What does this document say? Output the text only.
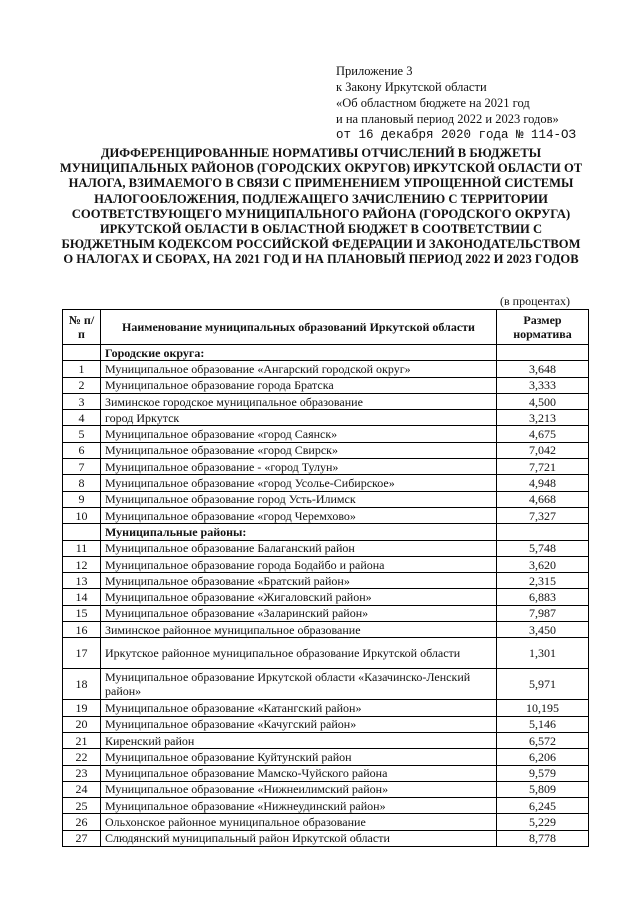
Приложение 3
к Закону Иркутской области
«Об областном бюджете на 2021 год
и на плановый период 2022 и 2023 годов»
от 16 декабря 2020 года № 114-ОЗ
ДИФФЕРЕНЦИРОВАННЫЕ НОРМАТИВЫ ОТЧИСЛЕНИЙ В БЮДЖЕТЫ МУНИЦИПАЛЬНЫХ РАЙОНОВ (ГОРОДСКИХ ОКРУГОВ) ИРКУТСКОЙ ОБЛАСТИ ОТ НАЛОГА, ВЗИМАЕМОГО В СВЯЗИ С ПРИМЕНЕНИЕМ УПРОЩЕННОЙ СИСТЕМЫ НАЛОГООБЛОЖЕНИЯ, ПОДЛЕЖАЩЕГО ЗАЧИСЛЕНИЮ С ТЕРРИТОРИИ СООТВЕТСТВУЮЩЕГО МУНИЦИПАЛЬНОГО РАЙОНА (ГОРОДСКОГО ОКРУГА) ИРКУТСКОЙ ОБЛАСТИ В ОБЛАСТНОЙ БЮДЖЕТ В СООТВЕТСТВИИ С БЮДЖЕТНЫМ КОДЕКСОМ РОССИЙСКОЙ ФЕДЕРАЦИИ И ЗАКОНОДАТЕЛЬСТВОМ О НАЛОГАХ И СБОРАХ, НА 2021 ГОД И НА ПЛАНОВЫЙ ПЕРИОД 2022 И 2023 ГОДОВ
(в процентах)
№ п/п	Наименование муниципальных образований Иркутской области	Размер норматива
	Городские округа:	
1	Муниципальное образование «Ангарский городской округ»	3,648
2	Муниципальное образование города Братска	3,333
3	Зиминское городское муниципальное образование	4,500
4	город Иркутск	3,213
5	Муниципальное образование «город Саянск»	4,675
6	Муниципальное образование «город Свирск»	7,042
7	Муниципальное образование - «город Тулун»	7,721
8	Муниципальное образование «город Усолье-Сибирское»	4,948
9	Муниципальное образование город Усть-Илимск	4,668
10	Муниципальное образование «город Черемхово»	7,327
	Муниципальные районы:	
11	Муниципальное образование Балаганский район	5,748
12	Муниципальное образование города Бодайбо и района	3,620
13	Муниципальное образование «Братский район»	2,315
14	Муниципальное образование «Жигаловский район»	6,883
15	Муниципальное образование «Заларинский район»	7,987
16	Зиминское районное муниципальное образование	3,450
17	Иркутское районное муниципальное образование Иркутской области	1,301
18	Муниципальное образование Иркутской области «Казачинско-Ленский район»	5,971
19	Муниципальное образование «Катангский район»	10,195
20	Муниципальное образование «Качугский район»	5,146
21	Киренский район	6,572
22	Муниципальное образование Куйтунский район	6,206
23	Муниципальное образование Мамско-Чуйского района	9,579
24	Муниципальное образование «Нижнеилимский район»	5,809
25	Муниципальное образование «Нижнеудинский район»	6,245
26	Ольхонское районное муниципальное образование	5,229
27	Слюдянский муниципальный район Иркутской области	8,778
